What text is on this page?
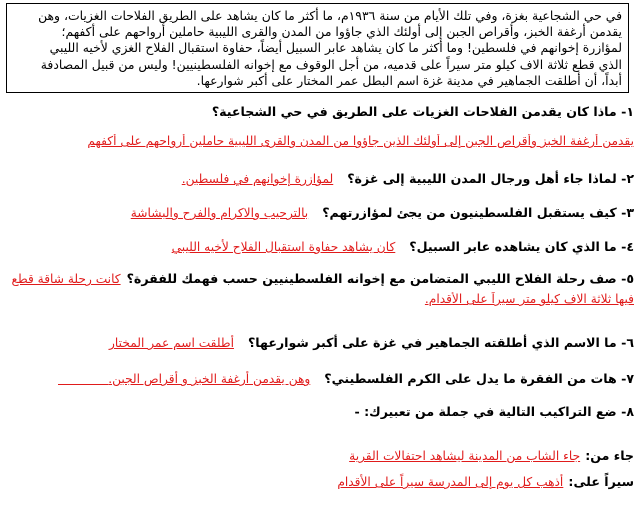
في حي الشجاعية بغزة، وفي تلك الأيام من سنة ١٩٣٦م، ما أكثر ما كان يشاهد على الطريق الفلاحات الغزيات، وهن
يقدمن أرغفة الخبز، وأقراص الجبن إلى أولئك الذي جاؤوا من المدن والقرى الليبية حاملين أرواحهم على أكفهم؛
لمؤازرة إخوانهم في فلسطين! وما أكثر ما كان يشاهد عابر السبيل أيضاً، حفاوة استقبال الفلاح الغزي لأخيه الليبي
الذي قطع ثلاثة الاف كيلو متر سيراً على قدميه، من أجل الوقوف مع إخوانه الفلسطينيين! وليس من قبيل المصادفة
أبداً، أن أطلقت الجماهير في مدينة غزة اسم البطل عمر المختار على أكبر شوارعها.
١- ماذا كان يقدمن الفلاحات الغزيات على الطريق في حي الشجاعية؟
يقدمن أرغفة الخبز وأقراص الجبن إلى أولئك الذين جاؤوا من المدن والقرى الليبية حاملين أرواحهم على أكفهم
٢- لماذا جاء أهل ورجال المدن الليبية إلى غزة؟لمؤازرة إخوانهم في فلسطين.
٣- كيف يستقبل الفلسطينيون من يجئ لمؤازرتهم؟بالترحيب والاكرام والفرح والبشاشة
٤- ما الذي كان يشاهده عابر السبيل؟كان يشاهد حفاوة استقبال الفلاح لأخيه الليبي
٥- صف رحلة الفلاح الليبي المتضامن مع إخوانه الفلسطينيين حسب فهمك للفقرة؟كانت رحلة شاقة قطع
فيها ثلاثة الاف كيلو متر سيراً على الأقدام.
٦- ما الاسم الذي أطلقته الجماهير في غزة على أكبر شوارعها؟أطلقت اسم عمر المختار
٧- هات من الفقرة ما يدل على الكرم الفلسطيني؟وهن يقدمن أرغفة الخبز و أقراص الجبن.
٨- ضع التراكيب التالية في جملة من تعبيرك: -
جاء من: جاء الشاب من المدينة ليشاهد احتفالات القرية
سيراً على: أذهب كل يوم إلى المدرسة سيراً على الأقدام
